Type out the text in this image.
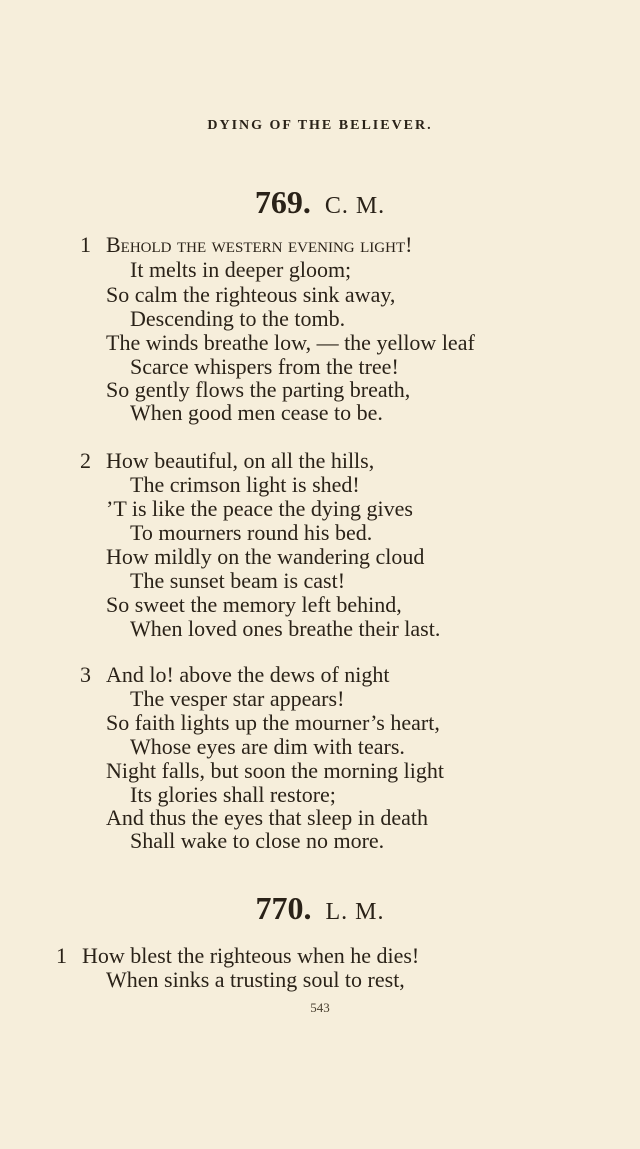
DYING OF THE BELIEVER.
769. C. M.
1 Behold the western evening light!
It melts in deeper gloom;
So calm the righteous sink away,
Descending to the tomb.
The winds breathe low, — the yellow leaf
Scarce whispers from the tree!
So gently flows the parting breath,
When good men cease to be.
2 How beautiful, on all the hills,
The crimson light is shed!
’T is like the peace the dying gives
To mourners round his bed.
How mildly on the wandering cloud
The sunset beam is cast!
So sweet the memory left behind,
When loved ones breathe their last.
3 And lo! above the dews of night
The vesper star appears!
So faith lights up the mourner’s heart,
Whose eyes are dim with tears.
Night falls, but soon the morning light
Its glories shall restore;
And thus the eyes that sleep in death
Shall wake to close no more.
770. L. M.
1 How blest the righteous when he dies!
When sinks a trusting soul to rest,
543
